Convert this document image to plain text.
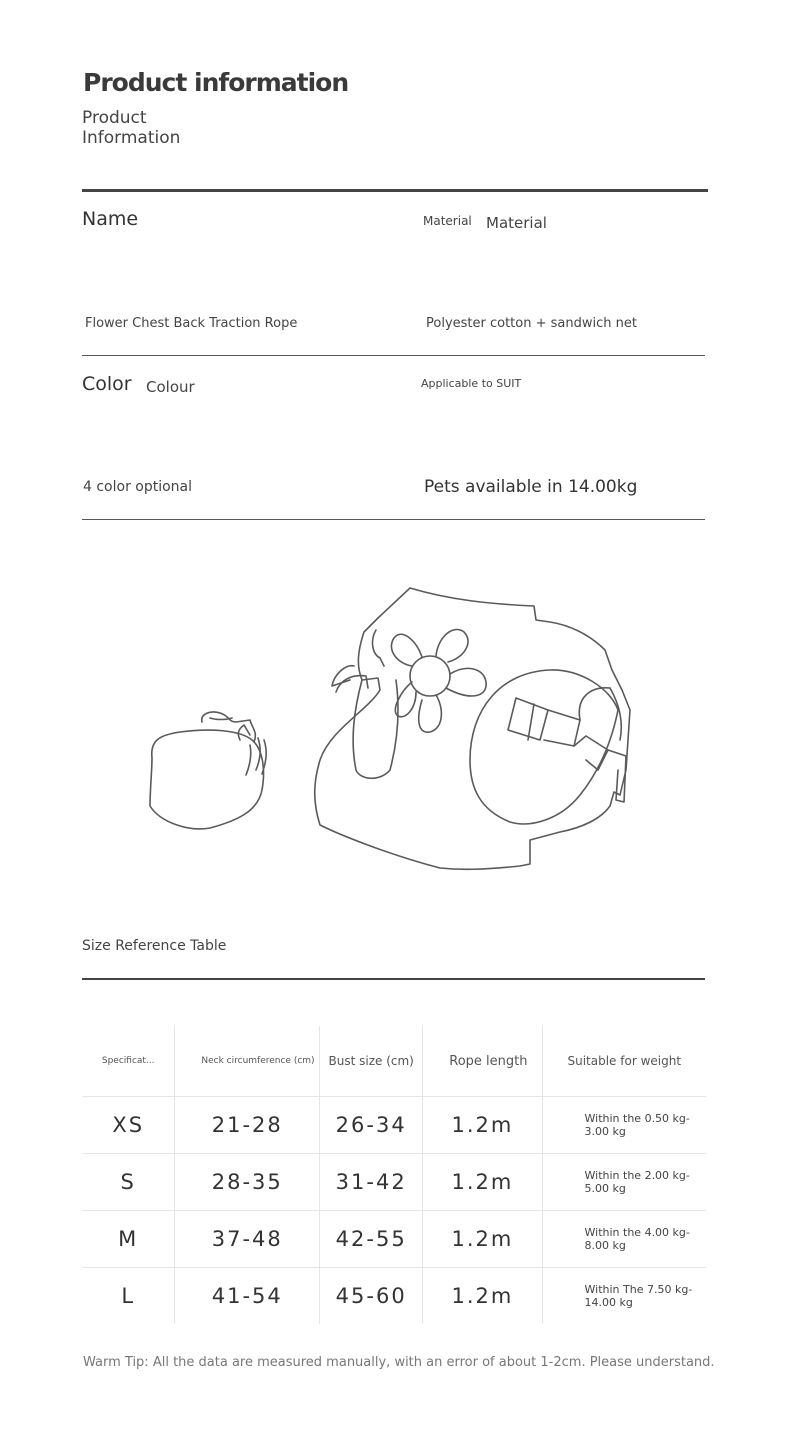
Product information
Product Information
Name	Material Material
Flower Chest Back Traction Rope	Polyester cotton + sandwich net
Color Colour	Applicable to SUIT
4 color optional	Pets available in 14.00kg
Size Reference Table
Specificat...	Neck circumference (cm)	Bust size (cm)	Rope length	Suitable for weight
XS	21-28	26-34	1.2m	Within the 0.50 kg-3.00 kg
S	28-35	31-42	1.2m	Within the 2.00 kg-5.00 kg
M	37-48	42-55	1.2m	Within the 4.00 kg-8.00 kg
L	41-54	45-60	1.2m	Within The 7.50 kg-14.00 kg
Warm Tip: All the data are measured manually, with an error of about 1-2cm. Please understand.
